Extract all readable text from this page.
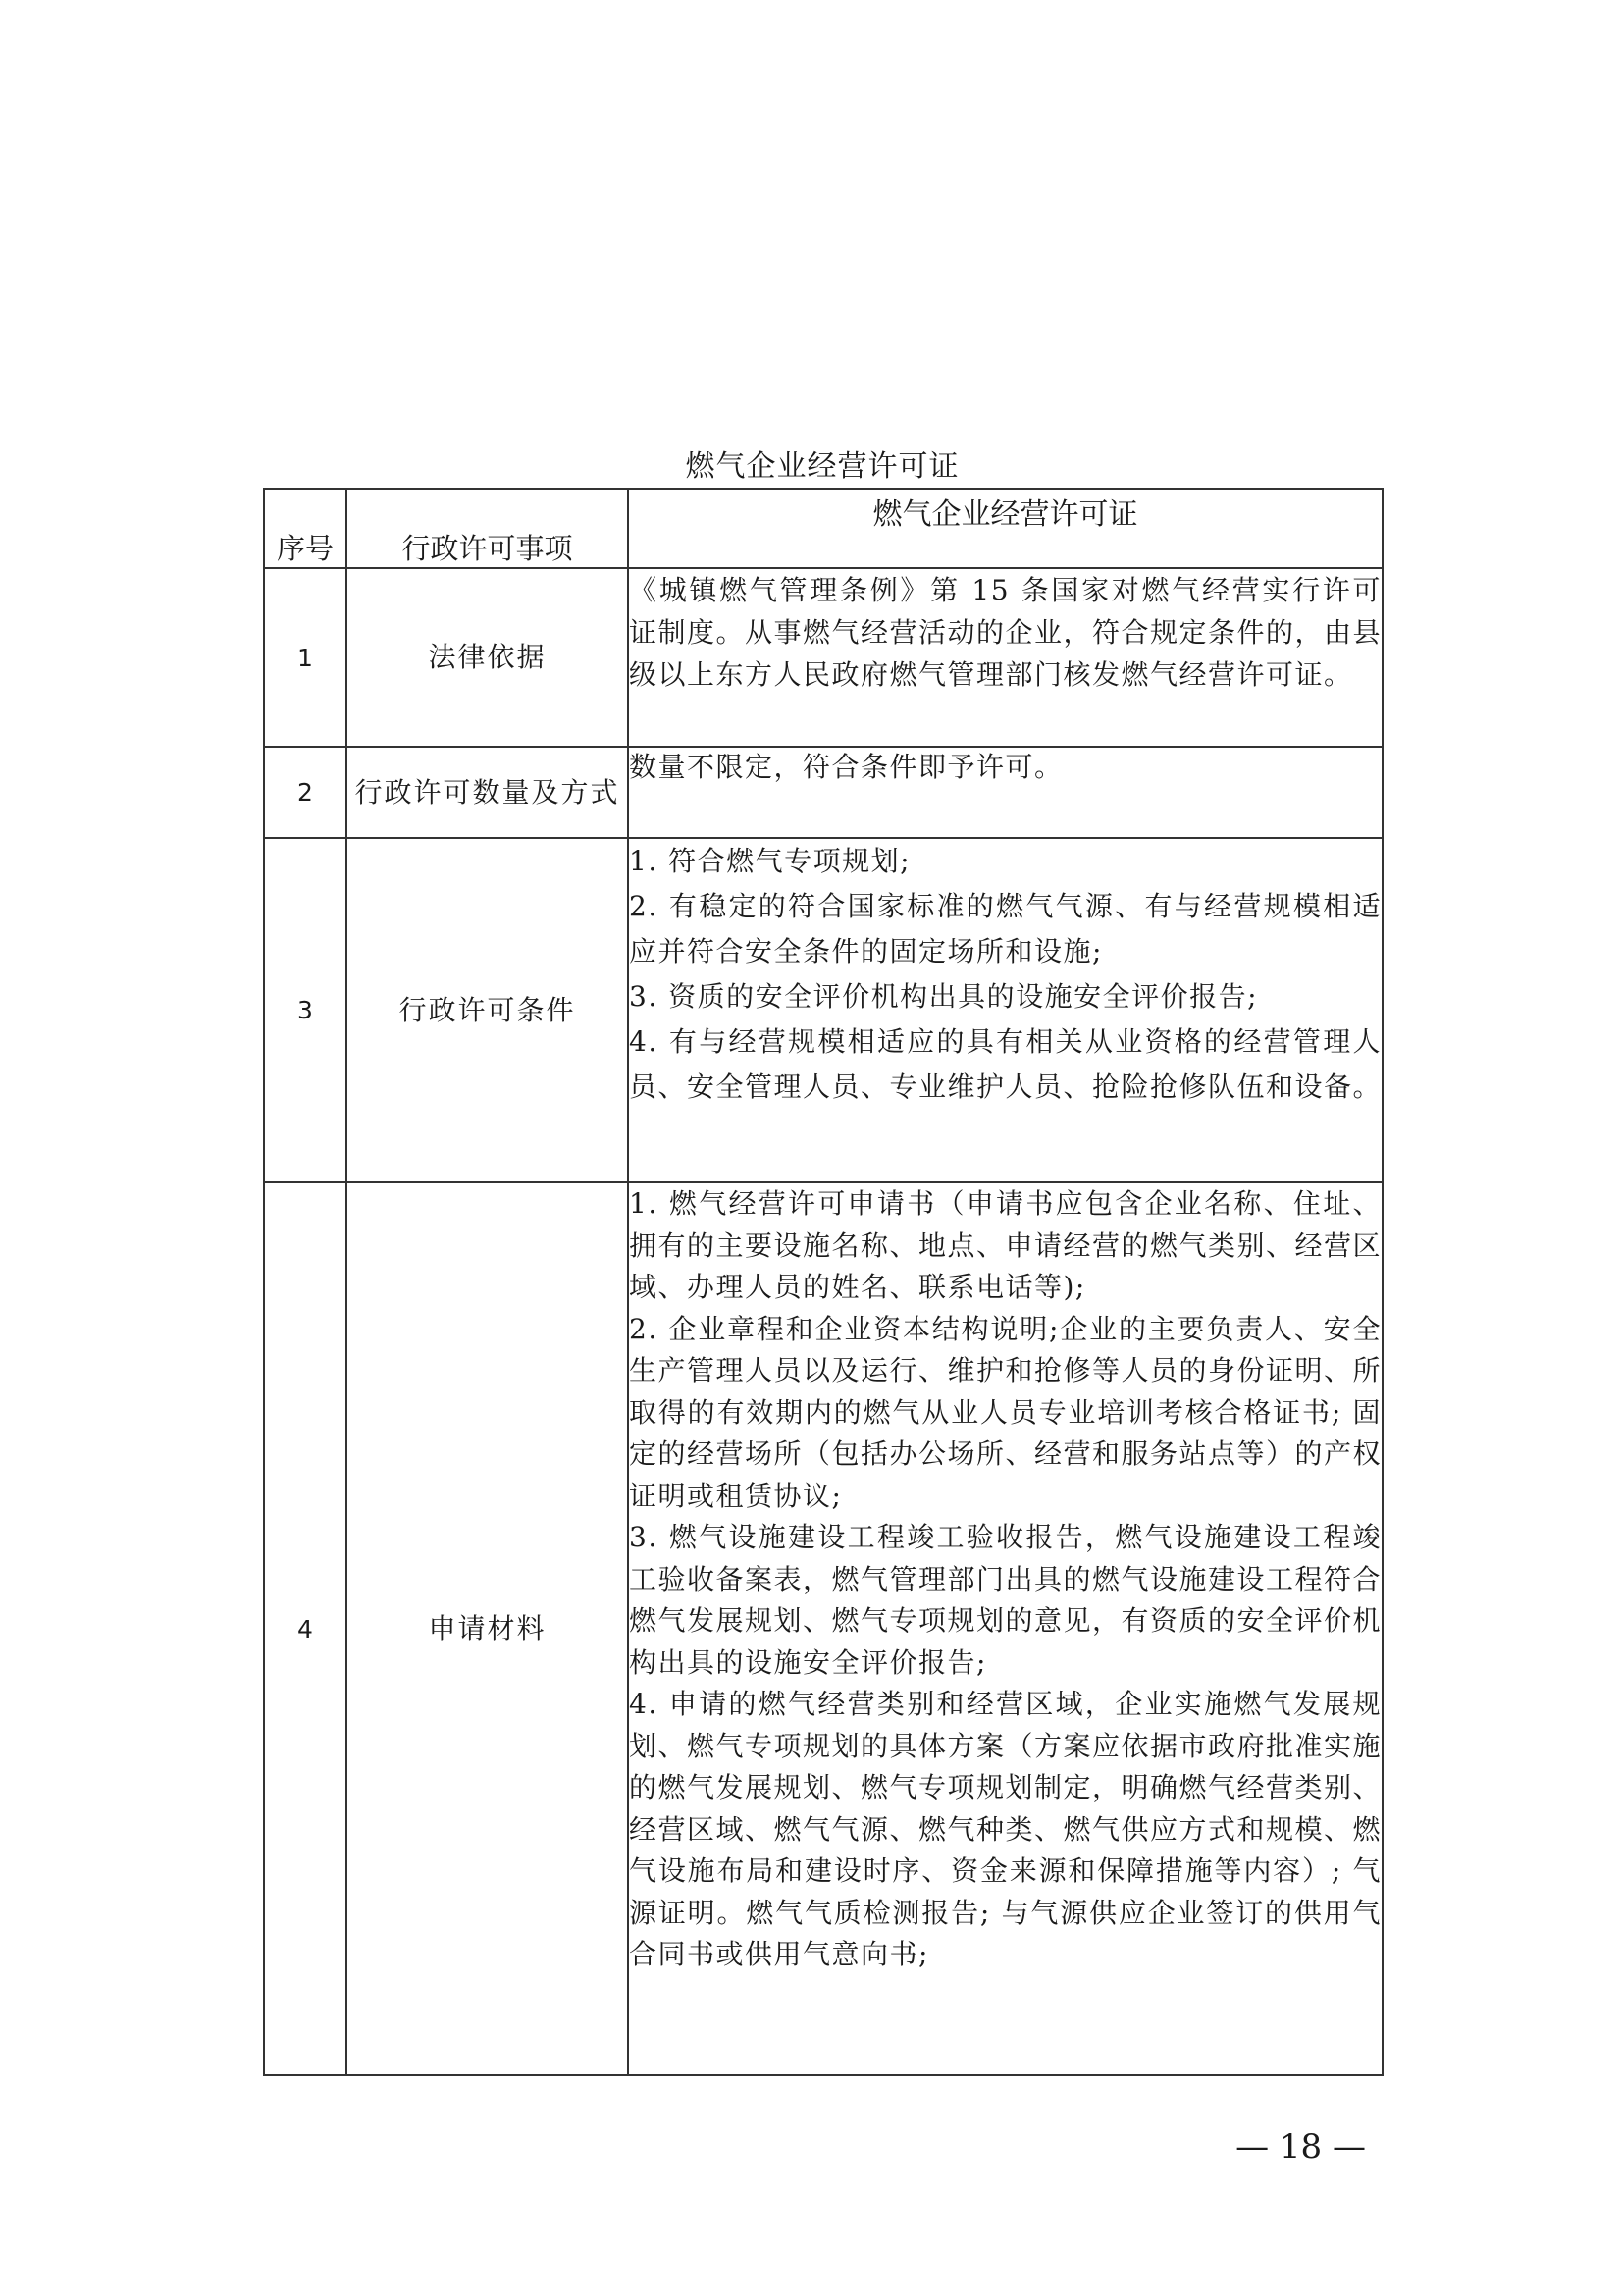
燃气企业经营许可证
序号	行政许可事项	燃气企业经营许可证
1	法律依据	《城镇燃气管理条例》第 15 条国家对燃气经营实行许可证制度。从事燃气经营活动的企业，符合规定条件的，由县级以上东方人民政府燃气管理部门核发燃气经营许可证。
2	行政许可数量及方式	数量不限定，符合条件即予许可。
3	行政许可条件	1. 符合燃气专项规划;

2. 有稳定的符合国家标准的燃气气源、有与经营规模相适应并符合安全条件的固定场所和设施;

3. 资质的安全评价机构出具的设施安全评价报告;

4. 有与经营规模相适应的具有相关从业资格的经营管理人员、安全管理人员、专业维护人员、抢险抢修队伍和设备。

4	申请材料	1. 燃气经营许可申请书（申请书应包含企业名称、住址、拥有的主要设施名称、地点、申请经营的燃气类别、经营区域、办理人员的姓名、联系电话等);

2. 企业章程和企业资本结构说明;企业的主要负责人、安全生产管理人员以及运行、维护和抢修等人员的身份证明、所取得的有效期内的燃气从业人员专业培训考核合格证书; 固定的经营场所（包括办公场所、经营和服务站点等）的产权证明或租赁协议;

3. 燃气设施建设工程竣工验收报告，燃气设施建设工程竣工验收备案表，燃气管理部门出具的燃气设施建设工程符合燃气发展规划、燃气专项规划的意见，有资质的安全评价机构出具的设施安全评价报告;

4. 申请的燃气经营类别和经营区域，企业实施燃气发展规划、燃气专项规划的具体方案（方案应依据市政府批准实施的燃气发展规划、燃气专项规划制定，明确燃气经营类别、经营区域、燃气气源、燃气种类、燃气供应方式和规模、燃气设施布局和建设时序、资金来源和保障措施等内容）; 气源证明。燃气气质检测报告; 与气源供应企业签订的供用气合同书或供用气意向书;

— 18 —
